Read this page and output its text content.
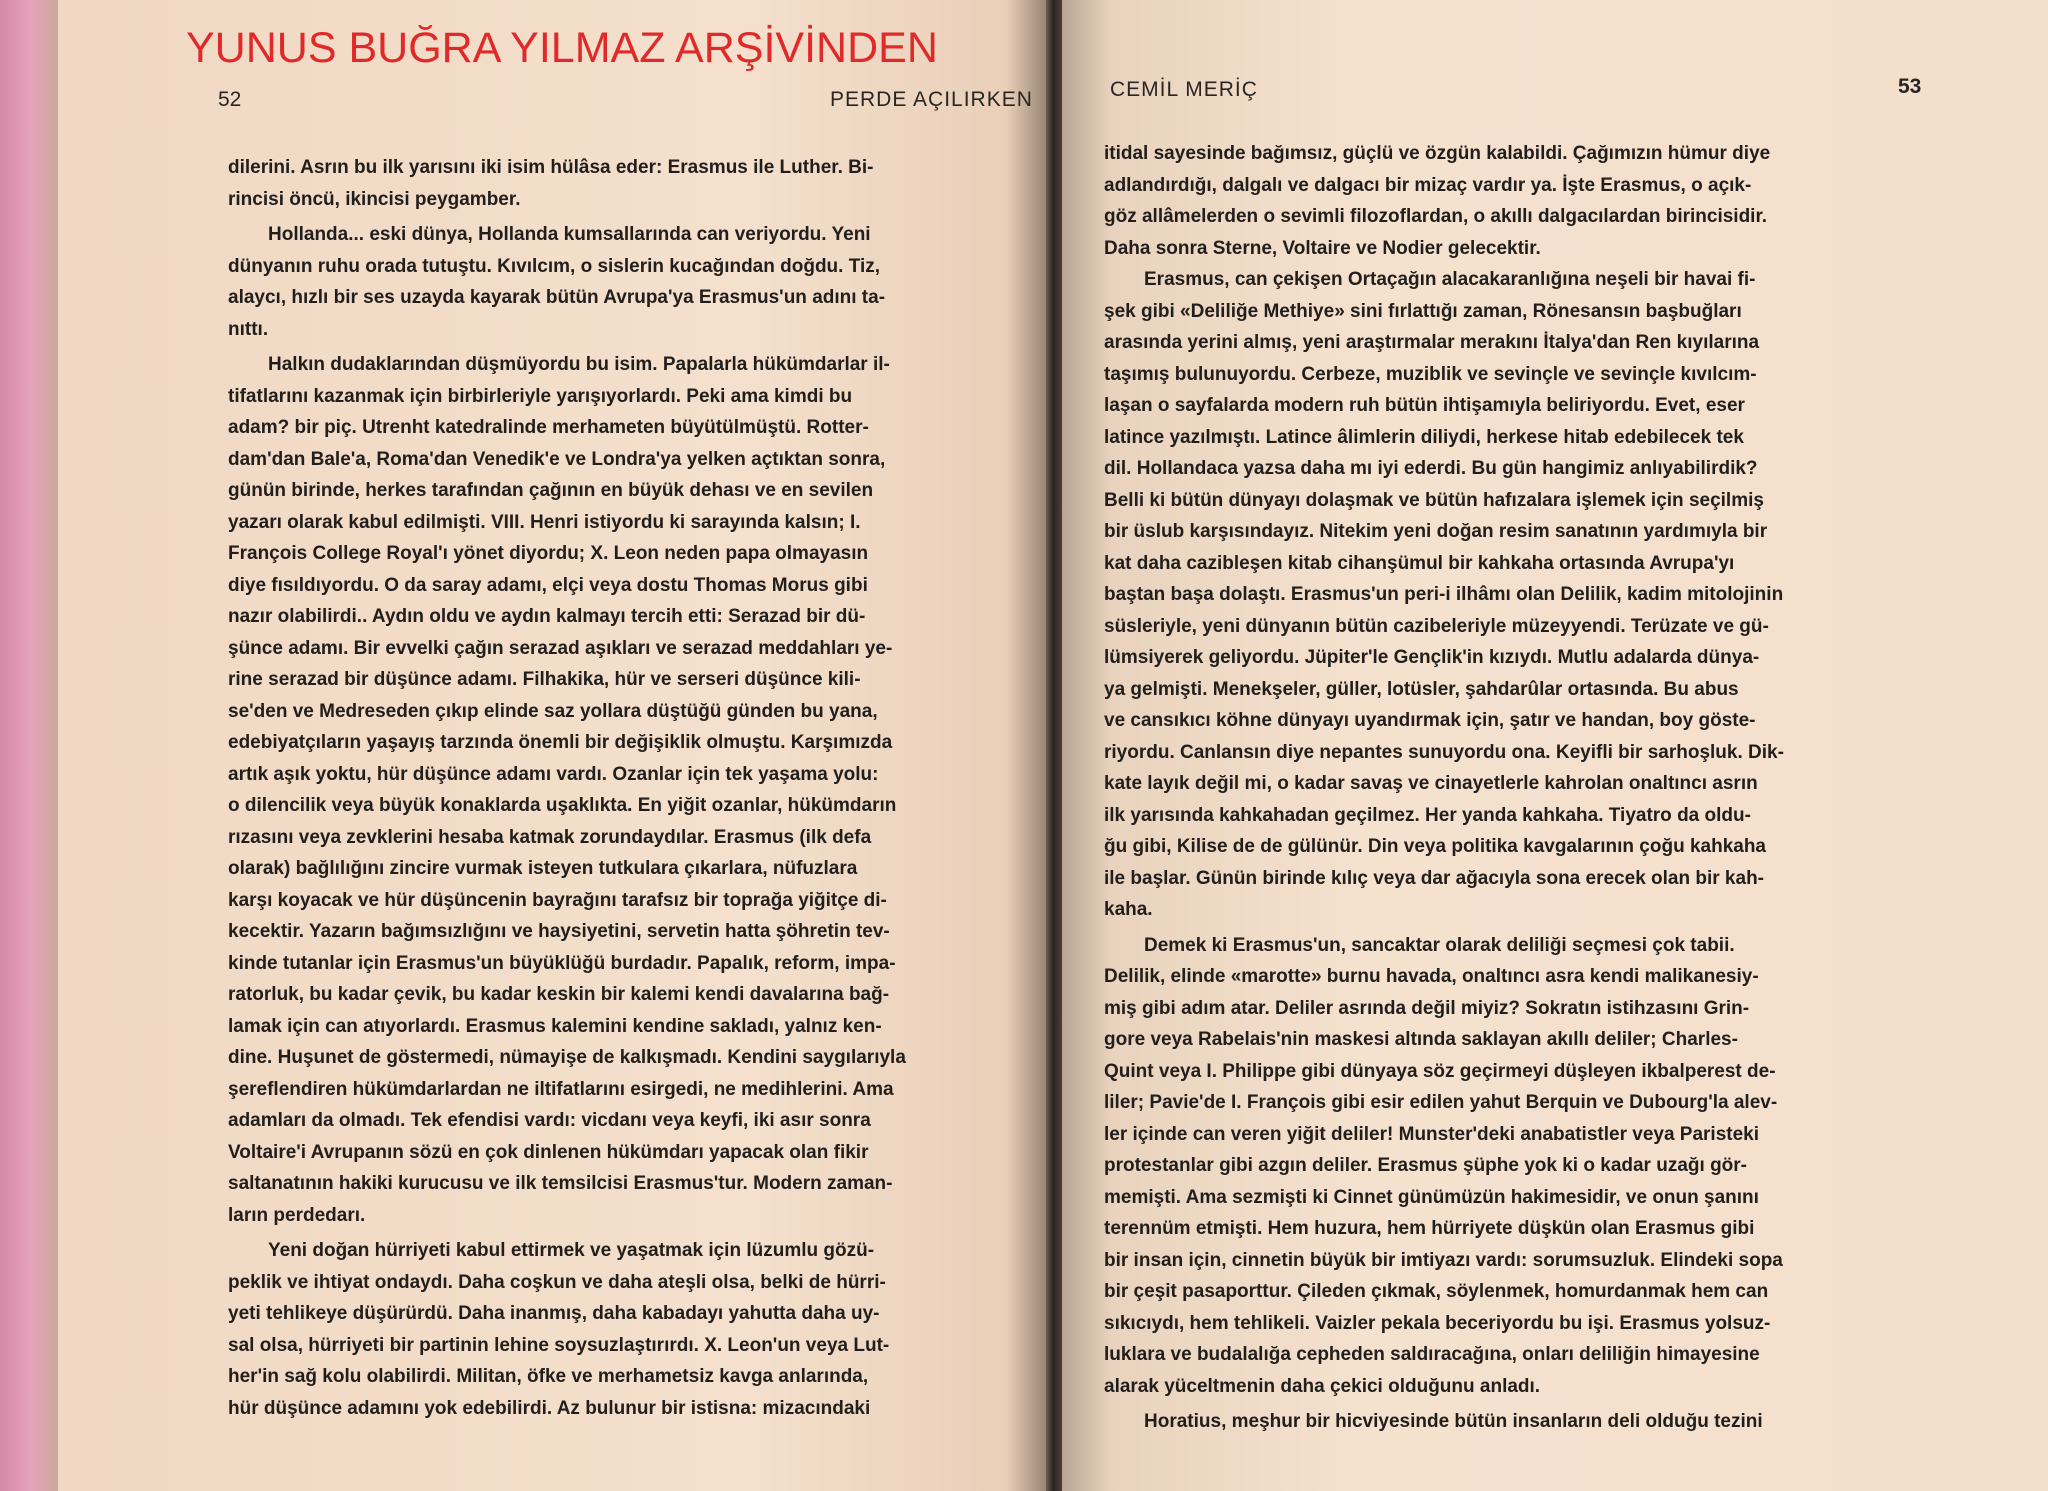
52	PERDE AÇILIRKEN
dilerini. Asrın bu ilk yarısını iki isim hülâsa eder: Erasmus ile Luther. Bi-
rincisi öncü, ikincisi peygamber.
Hollanda... eski dünya, Hollanda kumsallarında can veriyordu. Yeni
dünyanın ruhu orada tutuştu. Kıvılcım, o sislerin kucağından doğdu. Tiz,
alaycı, hızlı bir ses uzayda kayarak bütün Avrupa'ya Erasmus'un adını ta-
nıttı.
Halkın dudaklarından düşmüyordu bu isim. Papalarla hükümdarlar il-
tifatlarını kazanmak için birbirleriyle yarışıyorlardı. Peki ama kimdi bu
adam? bir piç. Utrenht katedralinde merhameten büyütülmüştü. Rotter-
dam'dan Bale'a, Roma'dan Venedik'e ve Londra'ya yelken açtıktan sonra,
günün birinde, herkes tarafından çağının en büyük dehası ve en sevilen
yazarı olarak kabul edilmişti. VIII. Henri istiyordu ki sarayında kalsın; I.
François College Royal'ı yönet diyordu; X. Leon neden papa olmayasın
diye fısıldıyordu. O da saray adamı, elçi veya dostu Thomas Morus gibi
nazır olabilirdi.. Aydın oldu ve aydın kalmayı tercih etti: Serazad bir dü-
şünce adamı. Bir evvelki çağın serazad aşıkları ve serazad meddahları ye-
rine serazad bir düşünce adamı. Filhakika, hür ve serseri düşünce kili-
se'den ve Medreseden çıkıp elinde saz yollara düştüğü günden bu yana,
edebiyatçıların yaşayış tarzında önemli bir değişiklik olmuştu. Karşımızda
artık aşık yoktu, hür düşünce adamı vardı. Ozanlar için tek yaşama yolu:
o dilencilik veya büyük konaklarda uşaklıkta. En yiğit ozanlar, hükümdarın
rızasını veya zevklerini hesaba katmak zorundaydılar. Erasmus (ilk defa
olarak) bağlılığını zincire vurmak isteyen tutkulara çıkarlara, nüfuzlara
karşı koyacak ve hür düşüncenin bayrağını tarafsız bir toprağa yiğitçe di-
kecektir. Yazarın bağımsızlığını ve haysiyetini, servetin hatta şöhretin tev-
kinde tutanlar için Erasmus'un büyüklüğü burdadır. Papalık, reform, impa-
ratorluk, bu kadar çevik, bu kadar keskin bir kalemi kendi davalarına bağ-
lamak için can atıyorlardı. Erasmus kalemini kendine sakladı, yalnız ken-
dine. Huşunet de göstermedi, nümayişe de kalkışmadı. Kendini saygılarıyla
şereflendiren hükümdarlardan ne iltifatlarını esirgedi, ne medihlerini. Ama
adamları da olmadı. Tek efendisi vardı: vicdanı veya keyfi, iki asır sonra
Voltaire'i Avrupanın sözü en çok dinlenen hükümdarı yapacak olan fikir
saltanatının hakiki kurucusu ve ilk temsilcisi Erasmus'tur. Modern zaman-
ların perdedarı.
Yeni doğan hürriyeti kabul ettirmek ve yaşatmak için lüzumlu gözü-
peklik ve ihtiyat ondaydı. Daha coşkun ve daha ateşli olsa, belki de hürri-
yeti tehlikeye düşürürdü. Daha inanmış, daha kabadayı yahutta daha uy-
sal olsa, hürriyeti bir partinin lehine soysuzlaştırırdı. X. Leon'un veya Lut-
her'in sağ kolu olabilirdi. Militan, öfke ve merhametsiz kavga anlarında,
hür düşünce adamını yok edebilirdi. Az bulunur bir istisna: mizacındaki
YUNUS BUĞRA YILMAZ ARŞİVİNDEN
CEMİL MERİÇ	53
itidal sayesinde bağımsız, güçlü ve özgün kalabildi. Çağımızın hümur diye
adlandırdığı, dalgalı ve dalgacı bir mizaç vardır ya. İşte Erasmus, o açık-
göz allâmelerden o sevimli filozoflardan, o akıllı dalgacılardan birincisidir.
Daha sonra Sterne, Voltaire ve Nodier gelecektir.
Erasmus, can çekişen Ortaçağın alacakaranlığına neşeli bir havai fi-
şek gibi «Deliliğe Methiye» sini fırlattığı zaman, Rönesansın başbuğları
arasında yerini almış, yeni araştırmalar merakını İtalya'dan Ren kıyılarına
taşımış bulunuyordu. Cerbeze, muziblik ve sevinçle ve sevinçle kıvılcım-
laşan o sayfalarda modern ruh bütün ihtişamıyla beliriyordu. Evet, eser
latince yazılmıştı. Latince âlimlerin diliydi, herkese hitab edebilecek tek
dil. Hollandaca yazsa daha mı iyi ederdi. Bu gün hangimiz anlıyabilirdik?
Belli ki bütün dünyayı dolaşmak ve bütün hafızalara işlemek için seçilmiş
bir üslub karşısındayız. Nitekim yeni doğan resim sanatının yardımıyla bir
kat daha cazibleşen kitab cihanşümul bir kahkaha ortasında Avrupa'yı
baştan başa dolaştı. Erasmus'un peri-i ilhâmı olan Delilik, kadim mitolojinin
süsleriyle, yeni dünyanın bütün cazibeleriyle müzeyyendi. Terüzate ve gü-
lümsiyerek geliyordu. Jüpiter'le Gençlik'in kızıydı. Mutlu adalarda dünya-
ya gelmişti. Menekşeler, güller, lotüsler, şahdarûlar ortasında. Bu abus
ve cansıkıcı köhne dünyayı uyandırmak için, şatır ve handan, boy göste-
riyordu. Canlansın diye nepantes sunuyordu ona. Keyifli bir sarhoşluk. Dik-
kate layık değil mi, o kadar savaş ve cinayetlerle kahrolan onaltıncı asrın
ilk yarısında kahkahadan geçilmez. Her yanda kahkaha. Tiyatro da oldu-
ğu gibi, Kilise de de gülünür. Din veya politika kavgalarının çoğu kahkaha
ile başlar. Günün birinde kılıç veya dar ağacıyla sona erecek olan bir kah-
kaha.
Demek ki Erasmus'un, sancaktar olarak deliliği seçmesi çok tabii.
Delilik, elinde «marotte» burnu havada, onaltıncı asra kendi malikanesiy-
miş gibi adım atar. Deliler asrında değil miyiz? Sokratın istihzasını Grin-
gore veya Rabelais'nin maskesi altında saklayan akıllı deliler; Charles-
Quint veya I. Philippe gibi dünyaya söz geçirmeyi düşleyen ikbalperest de-
liler; Pavie'de I. François gibi esir edilen yahut Berquin ve Dubourg'la alev-
ler içinde can veren yiğit deliler! Munster'deki anabatistler veya Paristeki
protestanlar gibi azgın deliler. Erasmus şüphe yok ki o kadar uzağı gör-
memişti. Ama sezmişti ki Cinnet günümüzün hakimesidir, ve onun şanını
terennüm etmişti. Hem huzura, hem hürriyete düşkün olan Erasmus gibi
bir insan için, cinnetin büyük bir imtiyazı vardı: sorumsuzluk. Elindeki sopa
bir çeşit pasaporttur. Çileden çıkmak, söylenmek, homurdanmak hem can
sıkıcıydı, hem tehlikeli. Vaizler pekala beceriyordu bu işi. Erasmus yolsuz-
luklara ve budalalığa cepheden saldıracağına, onları deliliğin himayesine
alarak yüceltmenin daha çekici olduğunu anladı.
Horatius, meşhur bir hicviyesinde bütün insanların deli olduğu tezini
